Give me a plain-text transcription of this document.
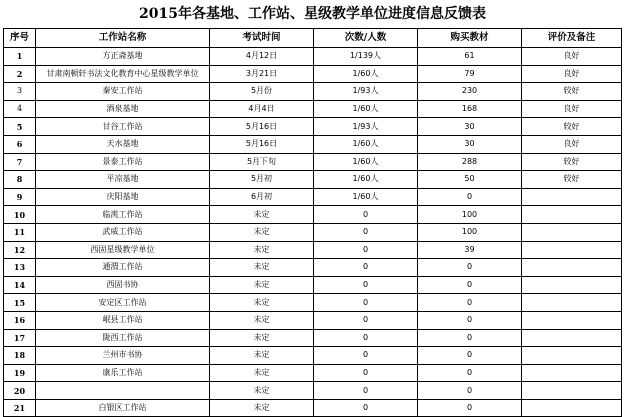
2015年各基地、工作站、星级教学单位进度信息反馈表
序号	工作站名称	考试时间	次数/人数	购买教材	评价及备注
1	方正斋基地	4月12日	1/139人	61	良好
2	甘肃南顿轩书法文化教育中心星级教学单位	3月21日	1/60人	79	良好
3	秦安工作站	5月份	1/93人	230	较好
4	酒泉基地	4月4日	1/60人	168	良好
5	甘谷工作站	5月16日	1/93人	30	较好
6	天水基地	5月16日	1/60人	30	良好
7	景泰工作站	5月下旬	1/60人	288	较好
8	平凉基地	5月初	1/60人	50	较好
9	庆阳基地	6月初	1/60人	0	
10	临洮工作站	未定	0	100	
11	武威工作站	未定	0	100	
12	西固星级教学单位	未定	0	39	
13	通渭工作站	未定	0	0	
14	西固书协	未定	0	0	
15	安定区工作站	未定	0	0	
16	岷县工作站	未定	0	0	
17	陇西工作站	未定	0	0	
18	兰州市书协	未定	0	0	
19	康乐工作站	未定	0	0	
20		未定	0	0	
21	白银区工作站	未定	0	0	
